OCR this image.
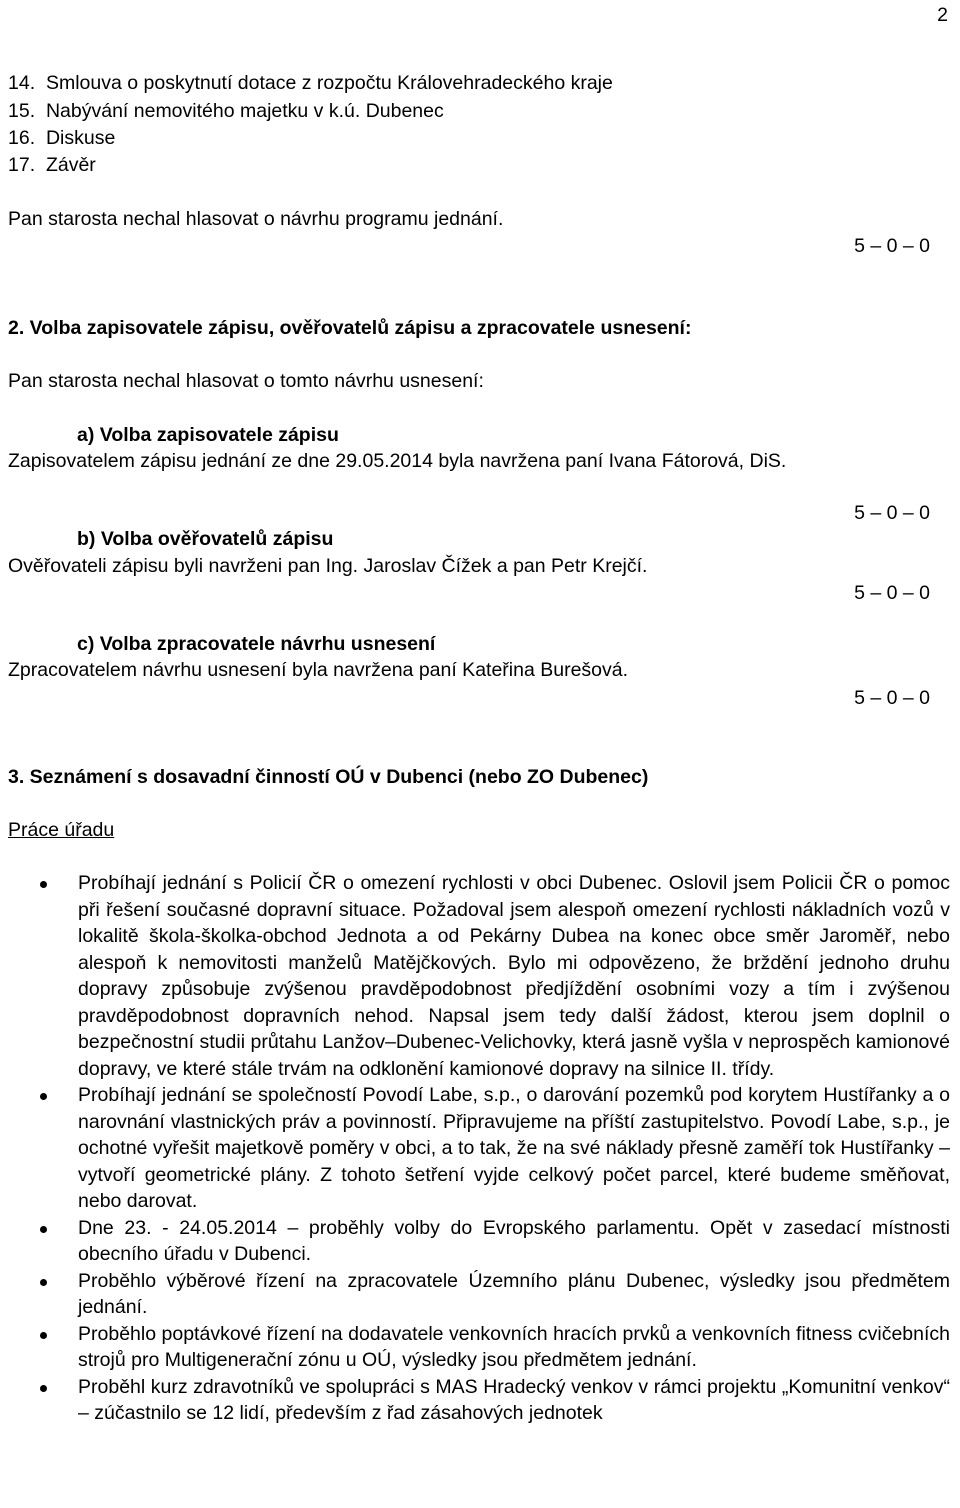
2
14. Smlouva o poskytnutí dotace z rozpočtu Královehradeckého kraje
15. Nabývání nemovitého majetku v k.ú. Dubenec
16. Diskuse
17. Závěr
Pan starosta nechal hlasovat o návrhu programu jednání.
5 – 0 – 0
2. Volba zapisovatele zápisu, ověřovatelů zápisu a zpracovatele usnesení:
Pan starosta nechal hlasovat o tomto návrhu usnesení:
a) Volba zapisovatele zápisu
Zapisovatelem zápisu jednání ze dne 29.05.2014 byla navržena paní Ivana Fátorová, DiS.
5 – 0 – 0
b) Volba ověřovatelů zápisu
Ověřovateli zápisu byli navrženi pan Ing. Jaroslav Čížek a pan Petr Krejčí.
5 – 0 – 0
c) Volba zpracovatele návrhu usnesení
Zpracovatelem návrhu usnesení byla navržena paní Kateřina Burešová.
5 – 0 – 0
3. Seznámení s dosavadní činností OÚ v Dubenci (nebo ZO Dubenec)
Práce úřadu
Probíhají jednání s Policií ČR o omezení rychlosti v obci Dubenec. Oslovil jsem Policii ČR o pomoc při řešení současné dopravní situace. Požadoval jsem alespoň omezení rychlosti nákladních vozů v lokalitě škola-školka-obchod Jednota a od Pekárny Dubea na konec obce směr Jaroměř, nebo alespoň k nemovitosti manželů Matějčkových. Bylo mi odpovězeno, že brždění jednoho druhu dopravy způsobuje zvýšenou pravděpodobnost předjíždění osobními vozy a tím i zvýšenou pravděpodobnost dopravních nehod. Napsal jsem tedy další žádost, kterou jsem doplnil o bezpečnostní studii průtahu Lanžov–Dubenec-Velichovky, která jasně vyšla v neprospěch kamionové dopravy, ve které stále trvám na odklonění kamionové dopravy na silnice II. třídy.
Probíhají jednání se společností Povodí Labe, s.p., o darování pozemků pod korytem Hustířanky a o narovnání vlastnických práv a povinností. Připravujeme na příští zastupitelstvo. Povodí Labe, s.p., je ochotné vyřešit majetkově poměry v obci, a to tak, že na své náklady přesně zaměří tok Hustířanky – vytvoří geometrické plány. Z tohoto šetření vyjde celkový počet parcel, které budeme směňovat, nebo darovat.
Dne 23. - 24.05.2014 – proběhly volby do Evropského parlamentu. Opět v zasedací místnosti obecního úřadu v Dubenci.
Proběhlo výběrové řízení na zpracovatele Územního plánu Dubenec, výsledky jsou předmětem jednání.
Proběhlo poptávkové řízení na dodavatele venkovních hracích prvků a venkovních fitness cvičebních strojů pro Multigenerační zónu u OÚ, výsledky jsou předmětem jednání.
Proběhl kurz zdravotníků ve spolupráci s MAS Hradecký venkov v rámci projektu „Komunitní venkov“ – zúčastnilo se 12 lidí, především z řad zásahových jednotek
